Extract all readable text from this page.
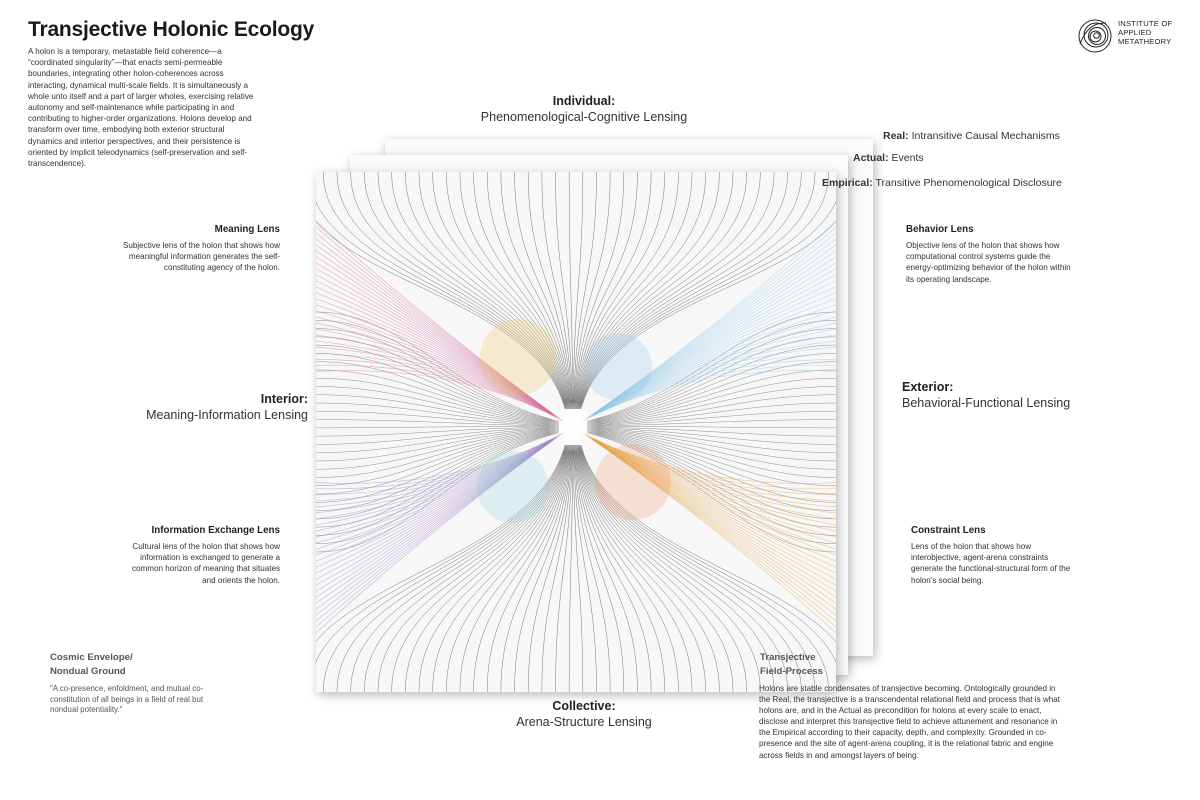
Transjective Holonic Ecology
A holon is a temporary, metastable field coherence—a “coordinated singularity”—that enacts semi-permeable boundaries, integrating other holon-coherences across interacting, dynamical multi-scale fields. It is simultaneously a whole unto itself and a part of larger wholes, exercising relative autonomy and self-maintenance while participating in and contributing to higher-order organizations. Holons develop and transform over time, embodying both exterior structural dynamics and interior perspectives, and their persistence is oriented by implicit teleodynamics (self-preservation and self-transcendence).
INSTITUTE OF
APPLIED
METATHEORY
Real: Intransitive Causal Mechanisms
Actual: Events
Empirical: Transitive Phenomenological Disclosure
Individual:
Phenomenological-Cognitive Lensing
Collective:
Arena-Structure Lensing
Interior:
Meaning-Information Lensing
Exterior:
Behavioral-Functional Lensing
Meaning Lens
Subjective lens of the holon that shows how meaningful information generates the self-constituting agency of the holon.
Behavior Lens
Objective lens of the holon that shows how computational control systems guide the energy-optimizing behavior of the holon within its operating landscape.
Information Exchange Lens
Cultural lens of the holon that shows how information is exchanged to generate a common horizon of meaning that situates and orients the holon.
Constraint Lens
Lens of the holon that shows how interobjective, agent-arena constraints generate the functional-structural form of the holon's social being.
Cosmic Envelope/
Nondual Ground
"A co-presence, enfoldment, and mutual co-constitution of all beings in a field of real but nondual potentiality."
Transjective
Field-Process
Holons are stable condensates of transjective becoming. Ontologically grounded in the Real, the transjective is a transcendental relational field and process that is what holons are, and in the Actual as precondition for holons at every scale to enact, disclose and interpret this transjective field to achieve attunement and resonance in the Empirical according to their capacity, depth, and complexity. Grounded in co-presence and the site of agent-arena coupling, it is the relational fabric and engine across fields in and amongst layers of being.
